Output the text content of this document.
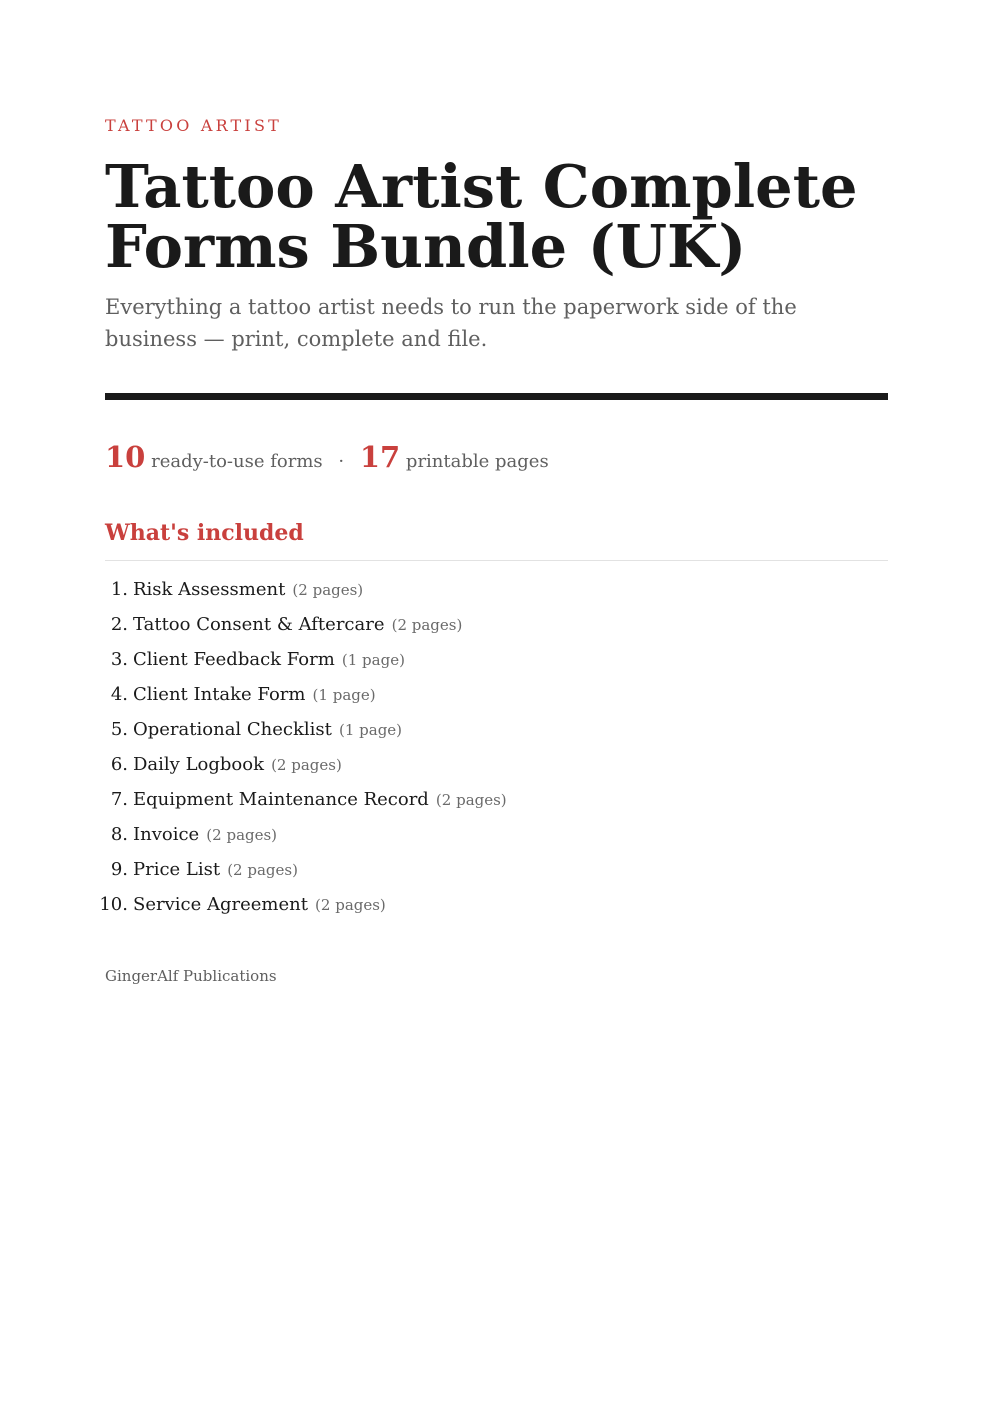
TATTOO ARTIST
Tattoo Artist Complete Forms Bundle (UK)

Everything a tattoo artist needs to run the paperwork side of the business — print, complete and file.

10 ready-to-use forms · 17 printable pages
What's included
1. Risk Assessment (2 pages)
2. Tattoo Consent & Aftercare (2 pages)
3. Client Feedback Form (1 page)
4. Client Intake Form (1 page)
5. Operational Checklist (1 page)
6. Daily Logbook (2 pages)
7. Equipment Maintenance Record (2 pages)
8. Invoice (2 pages)
9. Price List (2 pages)
10. Service Agreement (2 pages)
GingerAlf Publications
